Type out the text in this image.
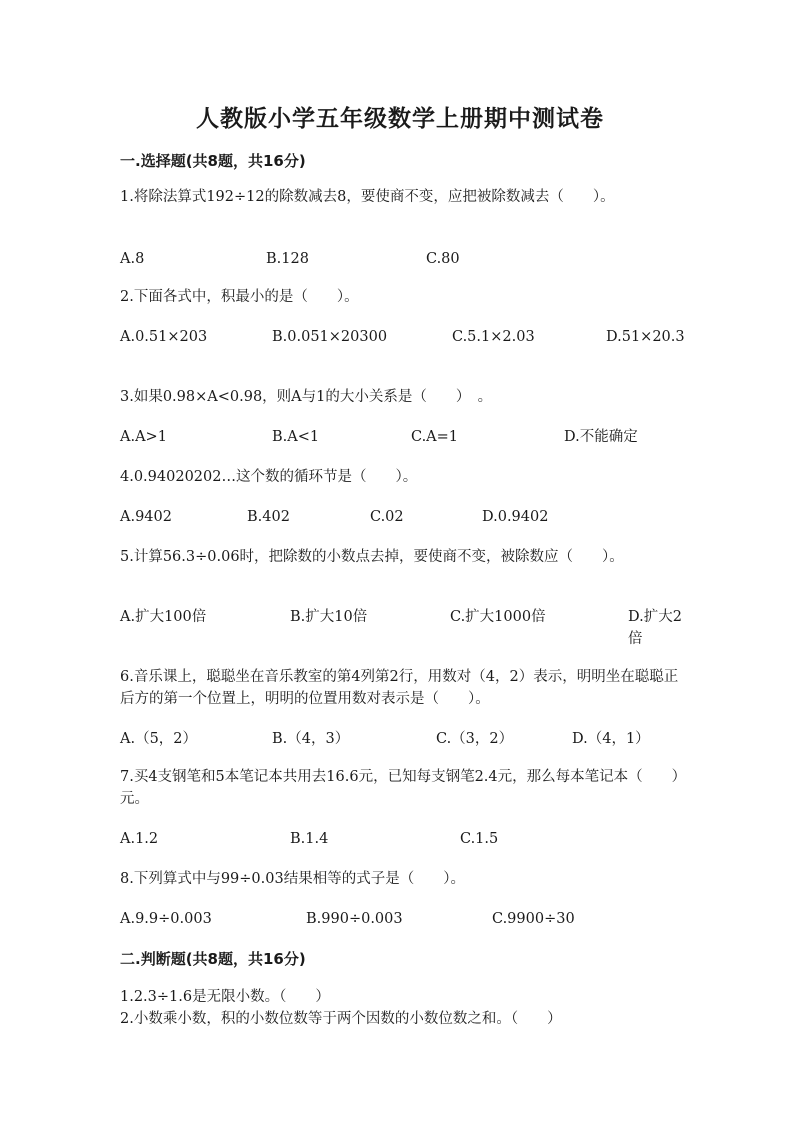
人教版小学五年级数学上册期中测试卷
一.选择题(共8题，共16分)
1.将除法算式192÷12的除数减去8，要使商不变，应把被除数减去（　　）。
A.8	B.128	C.80
2.下面各式中，积最小的是（　　）。
A.0.51×203	B.0.051×20300	C.5.1×2.03	D.51×20.3
3.如果0.98×A<0.98，则A与1的大小关系是（　　）　。
A.A>1	B.A<1	C.A=1	D.不能确定
4.0.94020202…这个数的循环节是（　　）。
A.9402	B.402	C.02	D.0.9402
5.计算56.3÷0.06时，把除数的小数点去掉，要使商不变，被除数应（　　）。
A.扩大100倍	B.扩大10倍	C.扩大1000倍	D.扩大2倍
6.音乐课上，聪聪坐在音乐教室的第4列第2行，用数对（4，2）表示，明明坐在聪聪正后方的第一个位置上，明明的位置用数对表示是（　　）。
A.（5，2）	B.（4，3）	C.（3，2）	D.（4，1）
7.买4支钢笔和5本笔记本共用去16.6元，已知每支钢笔2.4元，那么每本笔记本（　　）元。
A.1.2	B.1.4	C.1.5
8.下列算式中与99÷0.03结果相等的式子是（　　）。
A.9.9÷0.003	B.990÷0.003	C.9900÷30
二.判断题(共8题，共16分)
1.2.3÷1.6是无限小数。（　　）
2.小数乘小数，积的小数位数等于两个因数的小数位数之和。（　　）
